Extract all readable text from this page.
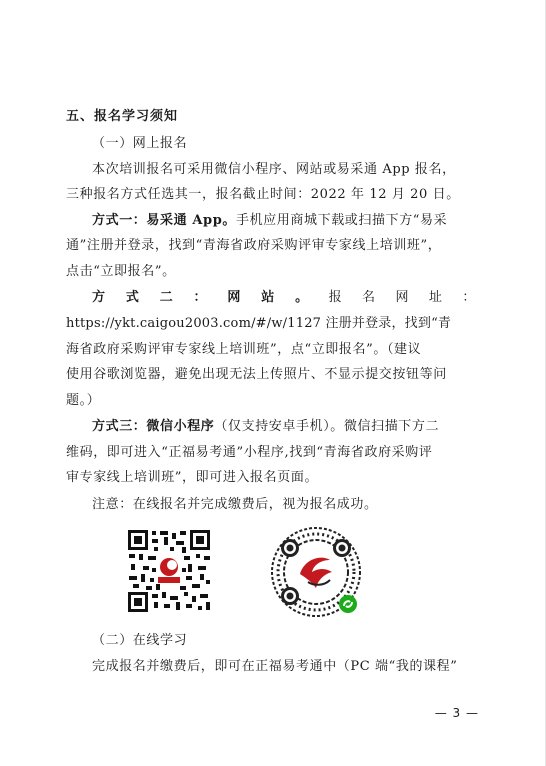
五、报名学习须知
（一）网上报名
本次培训报名可采用微信小程序、网站或易采通 App 报名，
三种报名方式任选其一，报名截止时间：2022 年 12 月 20 日。
方式一：易采通 App。手机应用商城下载或扫描下方“易采
通”注册并登录，找到“青海省政府采购评审专家线上培训班”，
点击“立即报名”。
方 式 二 ： 网 站 。 报 名 网 址 ：
https://ykt.caigou2003.com/#/w/1127 注册并登录，找到“青
海省政府采购评审专家线上培训班”，点“立即报名”。（建议
使用谷歌浏览器，避免出现无法上传照片、不显示提交按钮等问
题。）
方式三：微信小程序（仅支持安卓手机）。微信扫描下方二
维码，即可进入“正福易考通”小程序,找到“青海省政府采购评
审专家线上培训班”，即可进入报名页面。
注意：在线报名并完成缴费后，视为报名成功。
（二）在线学习
完成报名并缴费后，即可在正福易考通中（PC 端“我的课程”
— 3 —
